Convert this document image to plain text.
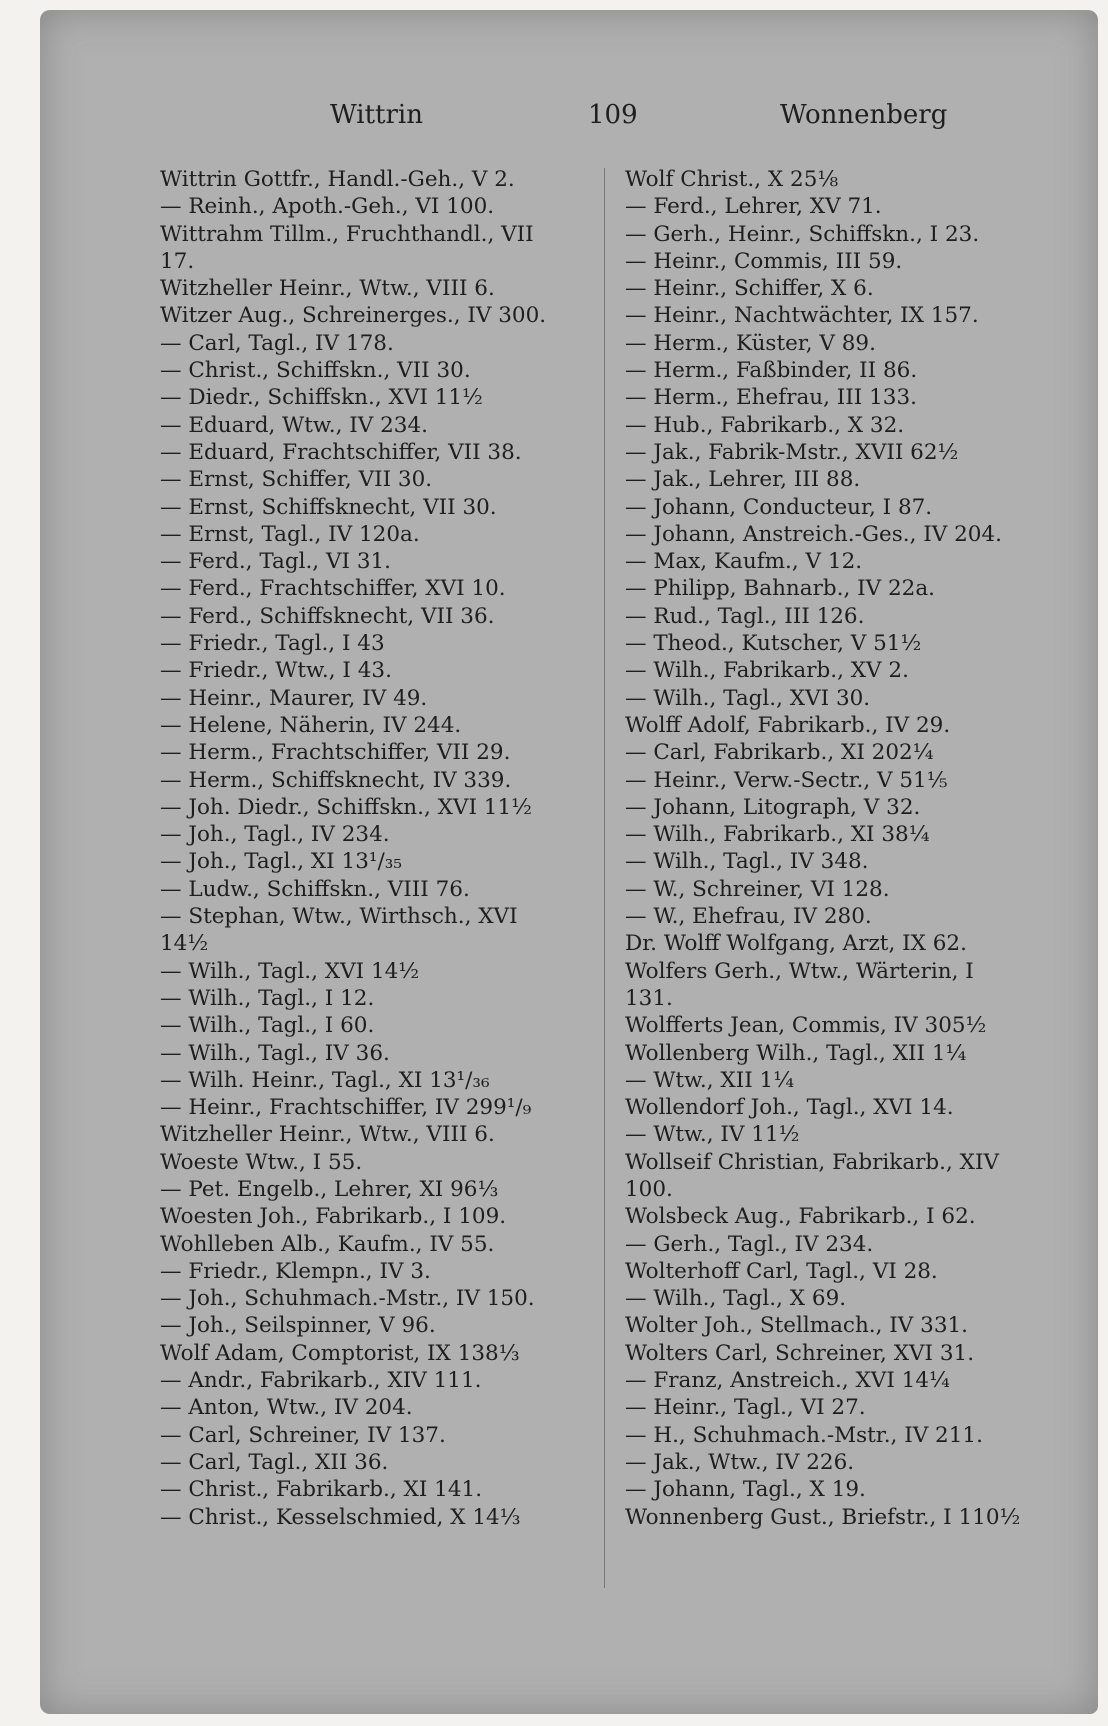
Wittrin	109	Wonnenberg
Wittrin Gottfr., Handl.-Geh., V 2.
— Reinh., Apoth.-Geh., VI 100.
Wittrahm Tillm., Fruchthandl., VII
17.
Witzheller Heinr., Wtw., VIII 6.
Witzer Aug., Schreinerges., IV 300.
— Carl, Tagl., IV 178.
— Christ., Schiffskn., VII 30.
— Diedr., Schiffskn., XVI 11½
— Eduard, Wtw., IV 234.
— Eduard, Frachtschiffer, VII 38.
— Ernst, Schiffer, VII 30.
— Ernst, Schiffsknecht, VII 30.
— Ernst, Tagl., IV 120a.
— Ferd., Tagl., VI 31.
— Ferd., Frachtschiffer, XVI 10.
— Ferd., Schiffsknecht, VII 36.
— Friedr., Tagl., I 43
— Friedr., Wtw., I 43.
— Heinr., Maurer, IV 49.
— Helene, Näherin, IV 244.
— Herm., Frachtschiffer, VII 29.
— Herm., Schiffsknecht, IV 339.
— Joh. Diedr., Schiffskn., XVI 11½
— Joh., Tagl., IV 234.
— Joh., Tagl., XI 13¹/₃₅
— Ludw., Schiffskn., VIII 76.
— Stephan, Wtw., Wirthsch., XVI
14½
— Wilh., Tagl., XVI 14½
— Wilh., Tagl., I 12.
— Wilh., Tagl., I 60.
— Wilh., Tagl., IV 36.
— Wilh. Heinr., Tagl., XI 13¹/₃₆
— Heinr., Frachtschiffer, IV 299¹/₉
Witzheller Heinr., Wtw., VIII 6.
Woeste Wtw., I 55.
— Pet. Engelb., Lehrer, XI 96⅓
Woesten Joh., Fabrikarb., I 109.
Wohlleben Alb., Kaufm., IV 55.
— Friedr., Klempn., IV 3.
— Joh., Schuhmach.-Mstr., IV 150.
— Joh., Seilspinner, V 96.
Wolf Adam, Comptorist, IX 138⅓
— Andr., Fabrikarb., XIV 111.
— Anton, Wtw., IV 204.
— Carl, Schreiner, IV 137.
— Carl, Tagl., XII 36.
— Christ., Fabrikarb., XI 141.
— Christ., Kesselschmied, X 14⅓
Wolf Christ., X 25⅛
— Ferd., Lehrer, XV 71.
— Gerh., Heinr., Schiffskn., I 23.
— Heinr., Commis, III 59.
— Heinr., Schiffer, X 6.
— Heinr., Nachtwächter, IX 157.
— Herm., Küster, V 89.
— Herm., Faßbinder, II 86.
— Herm., Ehefrau, III 133.
— Hub., Fabrikarb., X 32.
— Jak., Fabrik-Mstr., XVII 62½
— Jak., Lehrer, III 88.
— Johann, Conducteur, I 87.
— Johann, Anstreich.-Ges., IV 204.
— Max, Kaufm., V 12.
— Philipp, Bahnarb., IV 22a.
— Rud., Tagl., III 126.
— Theod., Kutscher, V 51½
— Wilh., Fabrikarb., XV 2.
— Wilh., Tagl., XVI 30.
Wolff Adolf, Fabrikarb., IV 29.
— Carl, Fabrikarb., XI 202¼
— Heinr., Verw.-Sectr., V 51⅕
— Johann, Litograph, V 32.
— Wilh., Fabrikarb., XI 38¼
— Wilh., Tagl., IV 348.
— W., Schreiner, VI 128.
— W., Ehefrau, IV 280.
Dr. Wolff Wolfgang, Arzt, IX 62.
Wolfers Gerh., Wtw., Wärterin, I
131.
Wolfferts Jean, Commis, IV 305½
Wollenberg Wilh., Tagl., XII 1¼
— Wtw., XII 1¼
Wollendorf Joh., Tagl., XVI 14.
— Wtw., IV 11½
Wollseif Christian, Fabrikarb., XIV
100.
Wolsbeck Aug., Fabrikarb., I 62.
— Gerh., Tagl., IV 234.
Wolterhoff Carl, Tagl., VI 28.
— Wilh., Tagl., X 69.
Wolter Joh., Stellmach., IV 331.
Wolters Carl, Schreiner, XVI 31.
— Franz, Anstreich., XVI 14¼
— Heinr., Tagl., VI 27.
— H., Schuhmach.-Mstr., IV 211.
— Jak., Wtw., IV 226.
— Johann, Tagl., X 19.
Wonnenberg Gust., Briefstr., I 110½
